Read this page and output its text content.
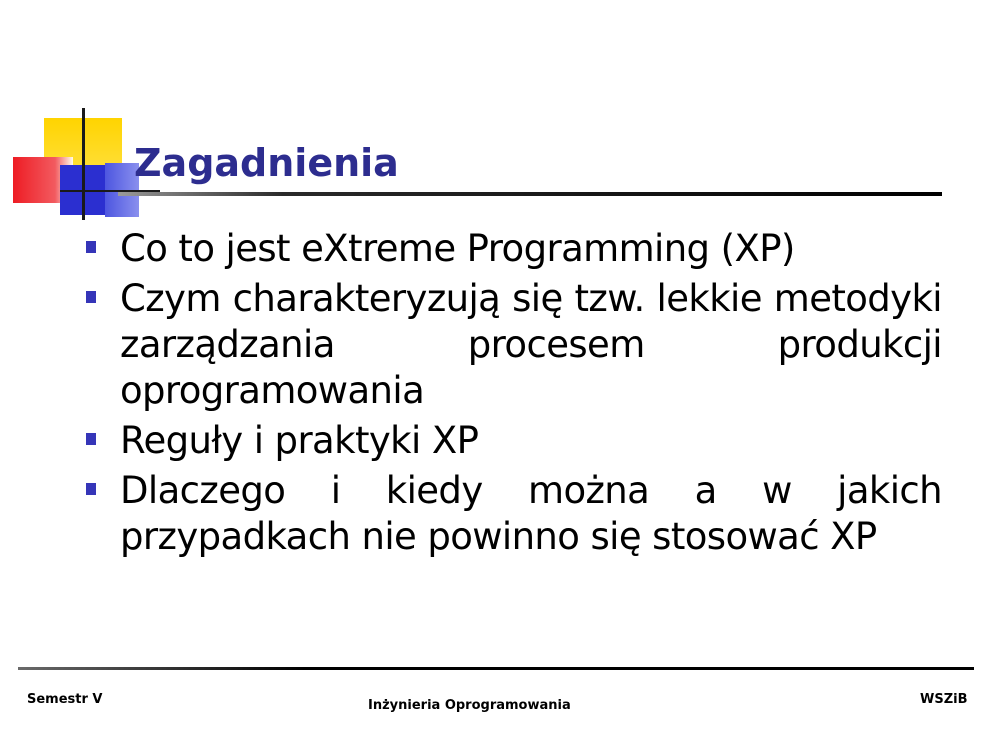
Zagadnienia
Co to jest eXtreme Programming (XP)
Czym charakteryzują się tzw. lekkie metodyki zarządzania procesem produkcji oprogramowania
Reguły i praktyki XP
Dlaczego i kiedy można a w jakich przypadkach nie powinno się stosować XP
Semestr V	Inżynieria Oprogramowania	WSZiB
